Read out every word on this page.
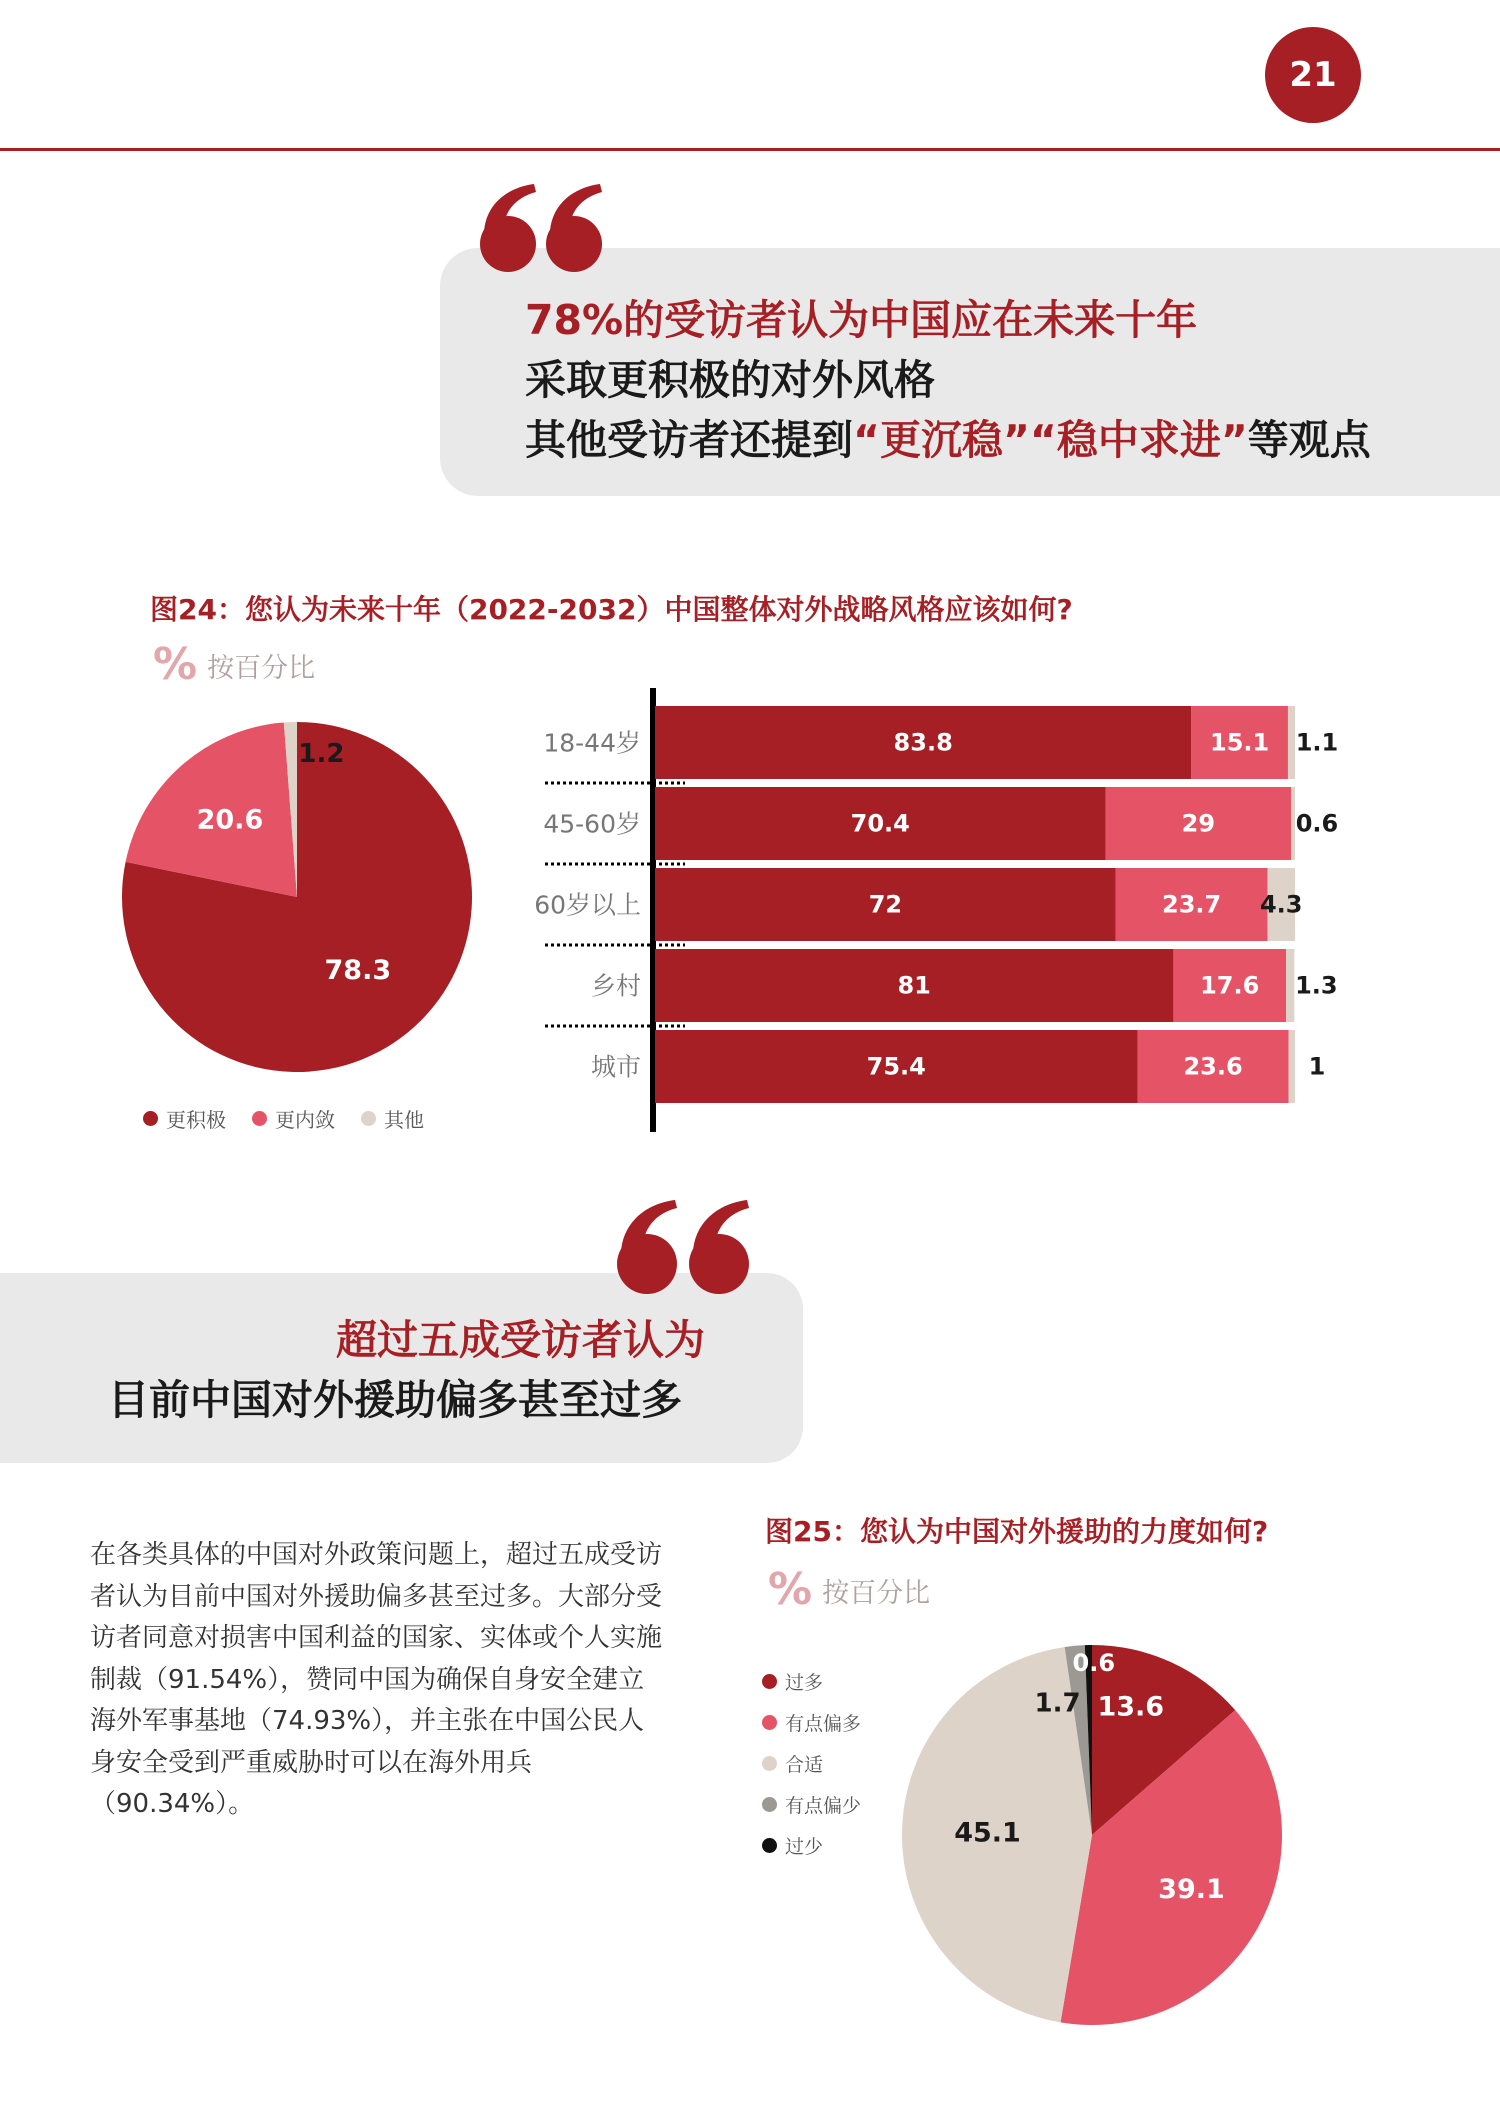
21
78%的受访者认为中国应在未来十年
采取更积极的对外风格
其他受访者还提到“更沉稳”“稳中求进”等观点
图24：您认为未来十年（2022-2032）中国整体对外战略风格应该如何?
% 按百分比
78.3
20.6
1.2
更积极 更内敛 其他
18-44岁	83.8	15.1 1.1
45-60岁	70.4	29	0.6
60岁以上	72	23.7 4.3
乡村	81	17.6 1.3
城市	75.4	23.6	1
超过五成受访者认为
目前中国对外援助偏多甚至过多
在各类具体的中国对外政策问题上，超过五成受访者认为目前中国对外援助偏多甚至过多。大部分受访者同意对损害中国利益的国家、实体或个人实施制裁（91.54%），赞同中国为确保自身安全建立海外军事基地（74.93%），并主张在中国公民人身安全受到严重威胁时可以在海外用兵（90.34%）。
图25：您认为中国对外援助的力度如何?
% 按百分比
过多
有点偏多
合适
有点偏少
过少
13.6
39.1
45.1
1.7
0.6
